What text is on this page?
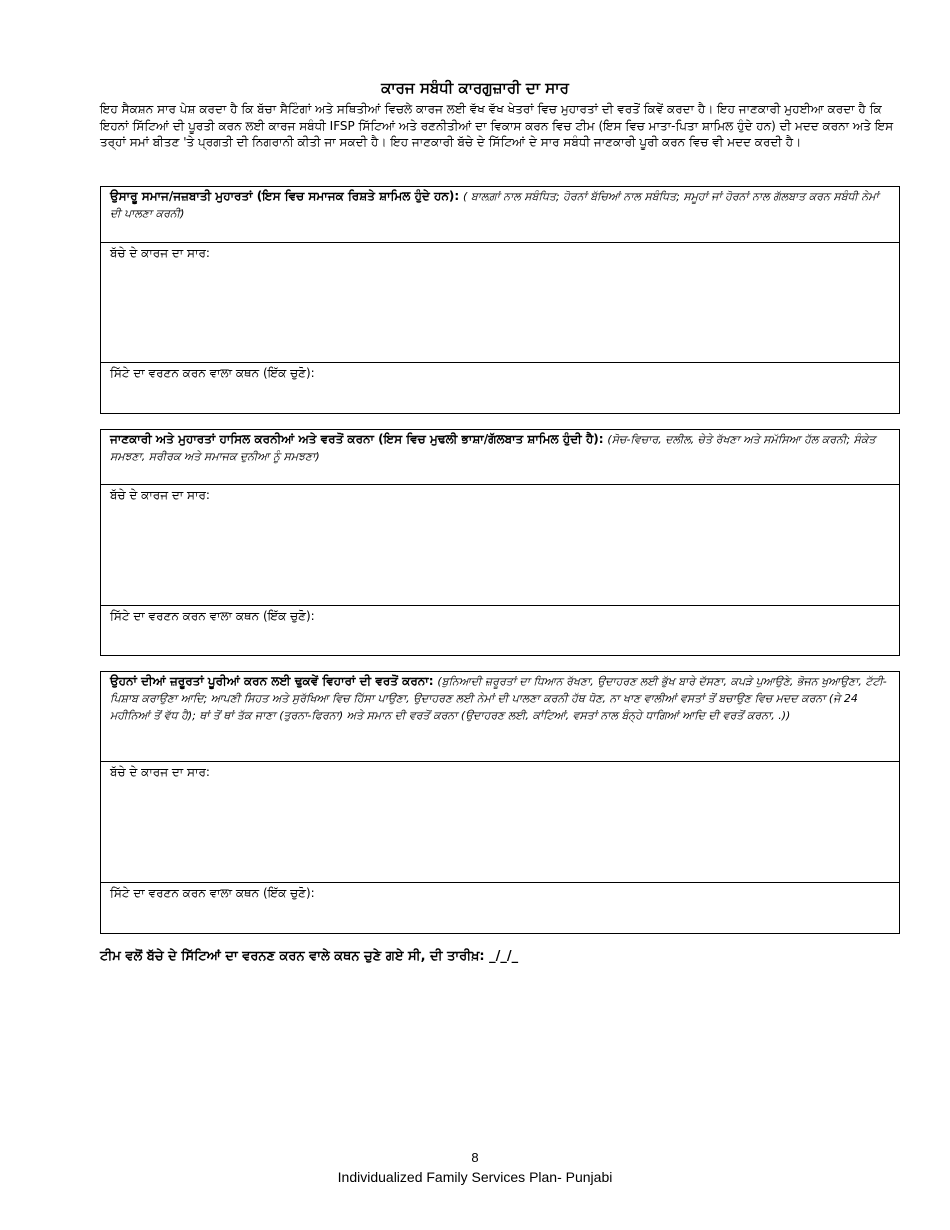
ਕਾਰਜ ਸਬੰਧੀ ਕਾਰਗੁਜ਼ਾਰੀ ਦਾ ਸਾਰ

ਇਹ ਸੈਕਸ਼ਨ ਸਾਰ ਪੇਸ਼ ਕਰਦਾ ਹੈ ਕਿ ਬੱਚਾ ਸੈਟਿੰਗਾਂ ਅਤੇ ਸਥਿਤੀਆਂ ਵਿਚਲੇ ਕਾਰਜ ਲਈ ਵੱਖ ਵੱਖ ਖੇਤਰਾਂ ਵਿਚ ਮੁਹਾਰਤਾਂ ਦੀ ਵਰਤੋਂ ਕਿਵੇਂ ਕਰਦਾ ਹੈ। ਇਹ ਜਾਣਕਾਰੀ ਮੁਹਈਆ ਕਰਦਾ ਹੈ ਕਿ ਇਹਨਾਂ ਸਿੱਟਿਆਂ ਦੀ ਪੂਰਤੀ ਕਰਨ ਲਈ ਕਾਰਜ ਸਬੰਧੀ IFSP ਸਿੱਟਿਆਂ ਅਤੇ ਰਣਨੀਤੀਆਂ ਦਾ ਵਿਕਾਸ ਕਰਨ ਵਿਚ ਟੀਮ (ਇਸ ਵਿਚ ਮਾਤਾ-ਪਿਤਾ ਸ਼ਾਮਿਲ ਹੁੰਦੇ ਹਨ) ਦੀ ਮਦਦ ਕਰਨਾ ਅਤੇ ਇਸ ਤਰ੍ਹਾਂ ਸਮਾਂ ਬੀਤਣ 'ਤੇ ਪ੍ਰਗਤੀ ਦੀ ਨਿਗਰਾਨੀ ਕੀਤੀ ਜਾ ਸਕਦੀ ਹੈ। ਇਹ ਜਾਣਕਾਰੀ ਬੱਚੇ ਦੇ ਸਿੱਟਿਆਂ ਦੇ ਸਾਰ ਸਬੰਧੀ ਜਾਣਕਾਰੀ ਪੂਰੀ ਕਰਨ ਵਿਚ ਵੀ ਮਦਦ ਕਰਦੀ ਹੈ।

ਉਸਾਰੂ ਸਮਾਜ/ਜਜ਼ਬਾਤੀ ਮੁਹਾਰਤਾਂ (ਇਸ ਵਿਚ ਸਮਾਜਕ ਰਿਸ਼ਤੇ ਸ਼ਾਮਿਲ ਹੁੰਦੇ ਹਨ): ( ਬਾਲਗ਼ਾਂ ਨਾਲ ਸਬੰਧਿਤ; ਹੋਰਨਾਂ ਬੱਚਿਆਂ ਨਾਲ ਸਬੰਧਿਤ; ਸਮੂਹਾਂ ਜਾਂ ਹੋਰਨਾਂ ਨਾਲ ਗੱਲਬਾਤ ਕਰਨ ਸਬੰਧੀ ਨੇਮਾਂ ਦੀ ਪਾਲਣਾ ਕਰਨੀ)
ਬੱਚੇ ਦੇ ਕਾਰਜ ਦਾ ਸਾਰ:
ਸਿੱਟੇ ਦਾ ਵਰਣਨ ਕਰਨ ਵਾਲਾ ਕਥਨ (ਇੱਕ ਚੁਣੋ):
ਜਾਣਕਾਰੀ ਅਤੇ ਮੁਹਾਰਤਾਂ ਹਾਸਿਲ ਕਰਨੀਆਂ ਅਤੇ ਵਰਤੋਂ ਕਰਨਾ (ਇਸ ਵਿਚ ਮੁਢਲੀ ਭਾਸ਼ਾ/ਗੱਲਬਾਤ ਸ਼ਾਮਿਲ ਹੁੰਦੀ ਹੈ): (ਸੋਚ-ਵਿਚਾਰ, ਦਲੀਲ, ਚੇਤੇ ਰੱਖਣਾ ਅਤੇ ਸਮੱਸਿਆ ਹੱਲ ਕਰਨੀ; ਸੰਕੇਤ ਸਮਝਣਾ, ਸਰੀਰਕ ਅਤੇ ਸਮਾਜਕ ਦੁਨੀਆ ਨੂੰ ਸਮਝਣਾ)
ਬੱਚੇ ਦੇ ਕਾਰਜ ਦਾ ਸਾਰ:
ਸਿੱਟੇ ਦਾ ਵਰਣਨ ਕਰਨ ਵਾਲਾ ਕਥਨ (ਇੱਕ ਚੁਣੋ):
ਉਹਨਾਂ ਦੀਆਂ ਜ਼ਰੂਰਤਾਂ ਪੂਰੀਆਂ ਕਰਨ ਲਈ ਢੁਕਵੇਂ ਵਿਹਾਰਾਂ ਦੀ ਵਰਤੋਂ ਕਰਨਾ: (ਬੁਨਿਆਦੀ ਜ਼ਰੂਰਤਾਂ ਦਾ ਧਿਆਨ ਰੱਖਣਾ, ਉਦਾਹਰਣ ਲਈ ਭੁੱਖ ਬਾਰੇ ਦੱਸਣਾ, ਕਪੜੇ ਪੁਆਉਣੇ, ਭੋਜਨ ਖੁਆਉਣਾ, ਟੱਟੀ-ਪਿਸ਼ਾਬ ਕਰਾਉਣਾ ਆਦਿ; ਆਪਣੀ ਸਿਹਤ ਅਤੇ ਸੁਰੱਖਿਆ ਵਿਚ ਹਿੱਸਾ ਪਾਉਣਾ, ਉਦਾਹਰਣ ਲਈ ਨੇਮਾਂ ਦੀ ਪਾਲਣਾ ਕਰਨੀ ਹੱਥ ਧੋਣ, ਨਾ ਖਾਣ ਵਾਲੀਆਂ ਵਸਤਾਂ ਤੋਂ ਬਚਾਉਣ ਵਿਚ ਮਦਦ ਕਰਨਾ (ਜੇ 24 ਮਹੀਨਿਆਂ ਤੋਂ ਵੱਧ ਹੈ); ਥਾਂ ਤੋਂ ਥਾਂ ਤੱਕ ਜਾਣਾ (ਤੁਰਨਾ-ਫਿਰਨਾ) ਅਤੇ ਸਮਾਨ ਦੀ ਵਰਤੋਂ ਕਰਨਾ (ਉਦਾਹਰਣ ਲਈ, ਕਾਂਟਿਆਂ, ਵਸਤਾਂ ਨਾਲ ਬੰਨ੍ਹੇ ਧਾਗਿਆਂ ਆਦਿ ਦੀ ਵਰਤੋਂ ਕਰਨਾ, .))
ਬੱਚੇ ਦੇ ਕਾਰਜ ਦਾ ਸਾਰ:
ਸਿੱਟੇ ਦਾ ਵਰਣਨ ਕਰਨ ਵਾਲਾ ਕਥਨ (ਇੱਕ ਚੁਣੋ):
ਟੀਮ ਵਲੋਂ ਬੱਚੇ ਦੇ ਸਿੱਟਿਆਂ ਦਾ ਵਰਨਣ ਕਰਨ ਵਾਲੇ ਕਥਨ ਚੁਣੇ ਗਏ ਸੀ, ਦੀ ਤਾਰੀਖ਼: _/_/_
8
Individualized Family Services Plan- Punjabi
